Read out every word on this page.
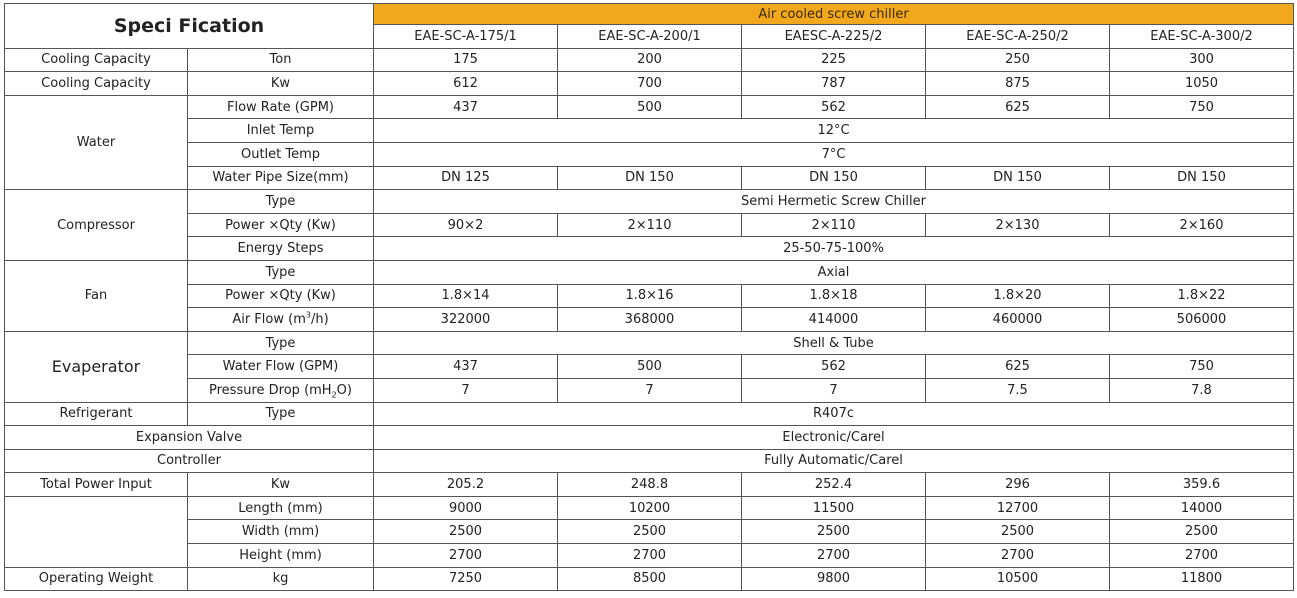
Speci Fication		Air cooled screw chiller				
		EAE-SC-A-175/1	EAE-SC-A-200/1	EAESC-A-225/2	EAE-SC-A-250/2	EAE-SC-A-300/2
Cooling Capacity	Ton	175	200	225	250	300
Cooling Capacity	Kw	612	700	787	875	1050
Water	Flow Rate (GPM)	437	500	562	625	750
	Inlet Temp	12°C				
	Outlet Temp	7°C				
	Water Pipe Size(mm)	DN 125	DN 150	DN 150	DN 150	DN 150
Compressor	Type	Semi Hermetic Screw Chiller				
	Power ×Qty (Kw)	90×2	2×110	2×110	2×130	2×160
	Energy Steps	25-50-75-100%				
Fan	Type	Axial				
	Power ×Qty (Kw)	1.8×14	1.8×16	1.8×18	1.8×20	1.8×22
	Air Flow $(m^3/h)$	322000	368000	414000	460000	506000
Evaperator	Type	Shell & Tube				
	Water Flow (GPM)	437	500	562	625	750
	Pressure Drop $(mH_2O)$	7	7	7	7.5	7.8
Refrigerant	Type	R407c				
Expansion Valve		Electronic/Carel				
Controller		Fully Automatic/Carel				
Total Power Input	Kw	205.2	248.8	252.4	296	359.6
	Length (mm)	9000	10200	11500	12700	14000
	Width (mm)	2500	2500	2500	2500	2500
	Height (mm)	2700	2700	2700	2700	2700
Operating Weight	kg	7250	8500	9800	10500	11800
